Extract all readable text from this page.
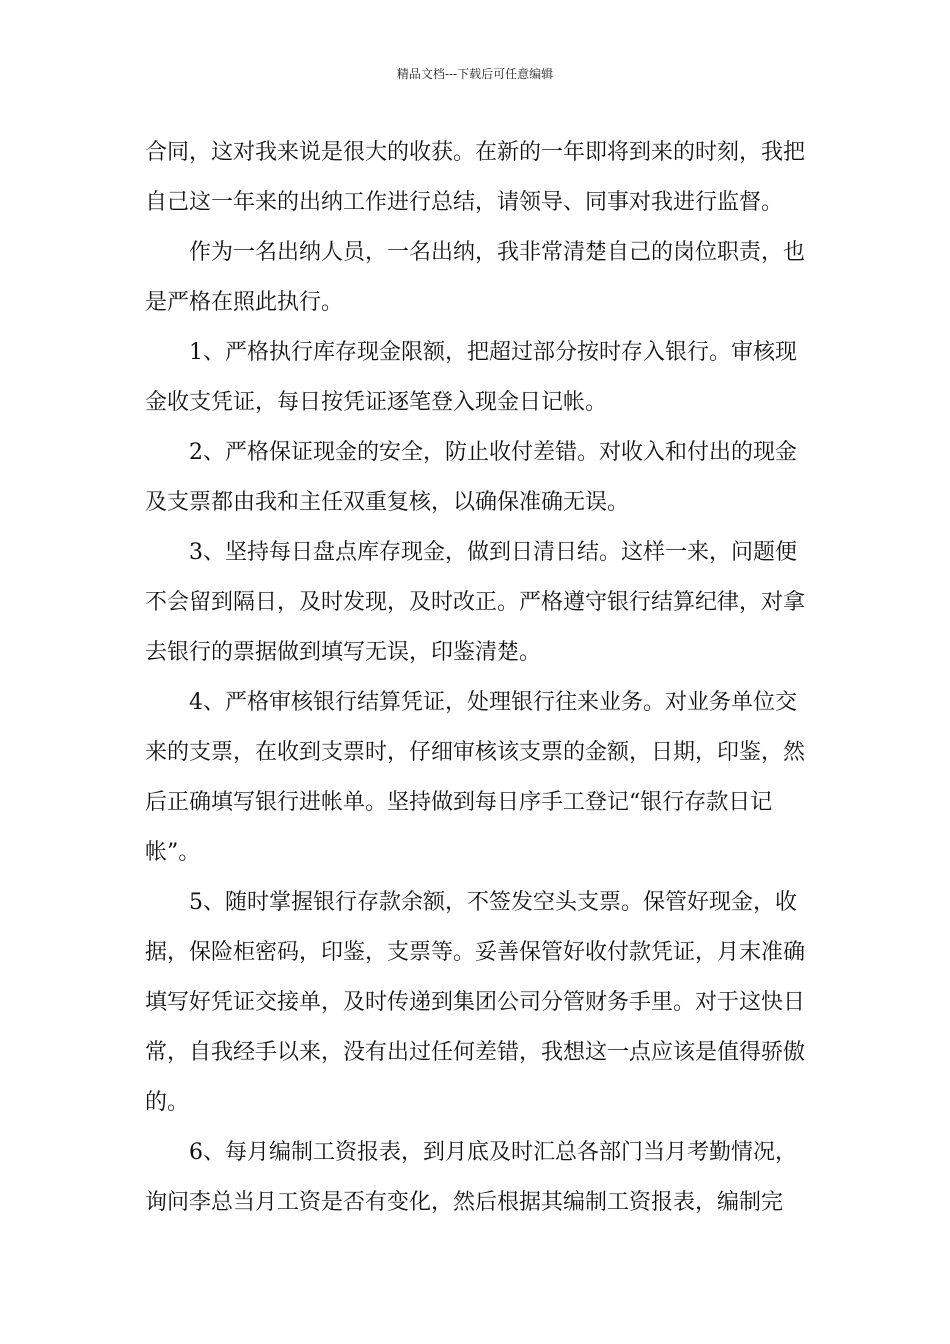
精品文档---下载后可任意编辑

合同，这对我来说是很大的收获。在新的一年即将到来的时刻，我把自己这一年来的出纳工作进行总结，请领导、同事对我进行监督。

作为一名出纳人员，一名出纳，我非常清楚自己的岗位职责，也是严格在照此执行。

1、严格执行库存现金限额，把超过部分按时存入银行。审核现金收支凭证，每日按凭证逐笔登入现金日记帐。

2、严格保证现金的安全，防止收付差错。对收入和付出的现金及支票都由我和主任双重复核，以确保准确无误。

3、坚持每日盘点库存现金，做到日清日结。这样一来，问题便不会留到隔日，及时发现，及时改正。严格遵守银行结算纪律，对拿去银行的票据做到填写无误，印鉴清楚。

4、严格审核银行结算凭证，处理银行往来业务。对业务单位交来的支票，在收到支票时，仔细审核该支票的金额，日期，印鉴，然后正确填写银行进帐单。坚持做到每日序手工登记“银行存款日记帐”。

5、随时掌握银行存款余额，不签发空头支票。保管好现金，收据，保险柜密码，印鉴，支票等。妥善保管好收付款凭证，月末准确填写好凭证交接单，及时传递到集团公司分管财务手里。对于这快日常，自我经手以来，没有出过任何差错，我想这一点应该是值得骄傲的。

6、每月编制工资报表，到月底及时汇总各部门当月考勤情况，询问李总当月工资是否有变化，然后根据其编制工资报表，编制完
